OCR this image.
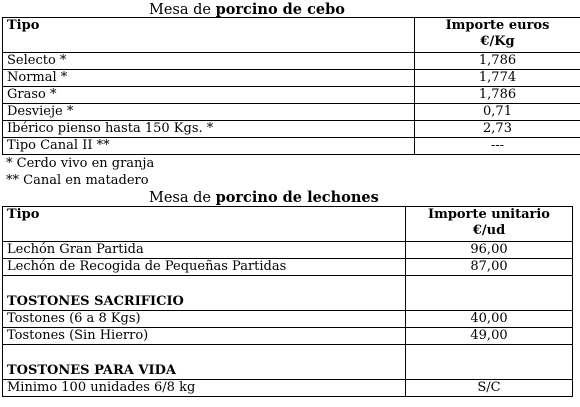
Mesa de porcino de cebo
Tipo	Importe euros
€/Kg

Selecto *	1,786
Normal *	1,774
Graso *	1,786
Desvieje *	0,71
Ibérico pienso hasta 150 Kgs. *	2,73
Tipo Canal II **	---
* Cerdo vivo en granja
** Canal en matadero
Mesa de porcino de lechones
Tipo	Importe unitario
€/ud

Lechón Gran Partida	96,00
Lechón de Recogida de Pequeñas Partidas	87,00
TOSTONES SACRIFICIO	
Tostones (6 a 8 Kgs)	40,00
Tostones (Sin Hierro)	49,00
TOSTONES PARA VIDA	
Minimo 100 unidades 6/8 kg	S/C
